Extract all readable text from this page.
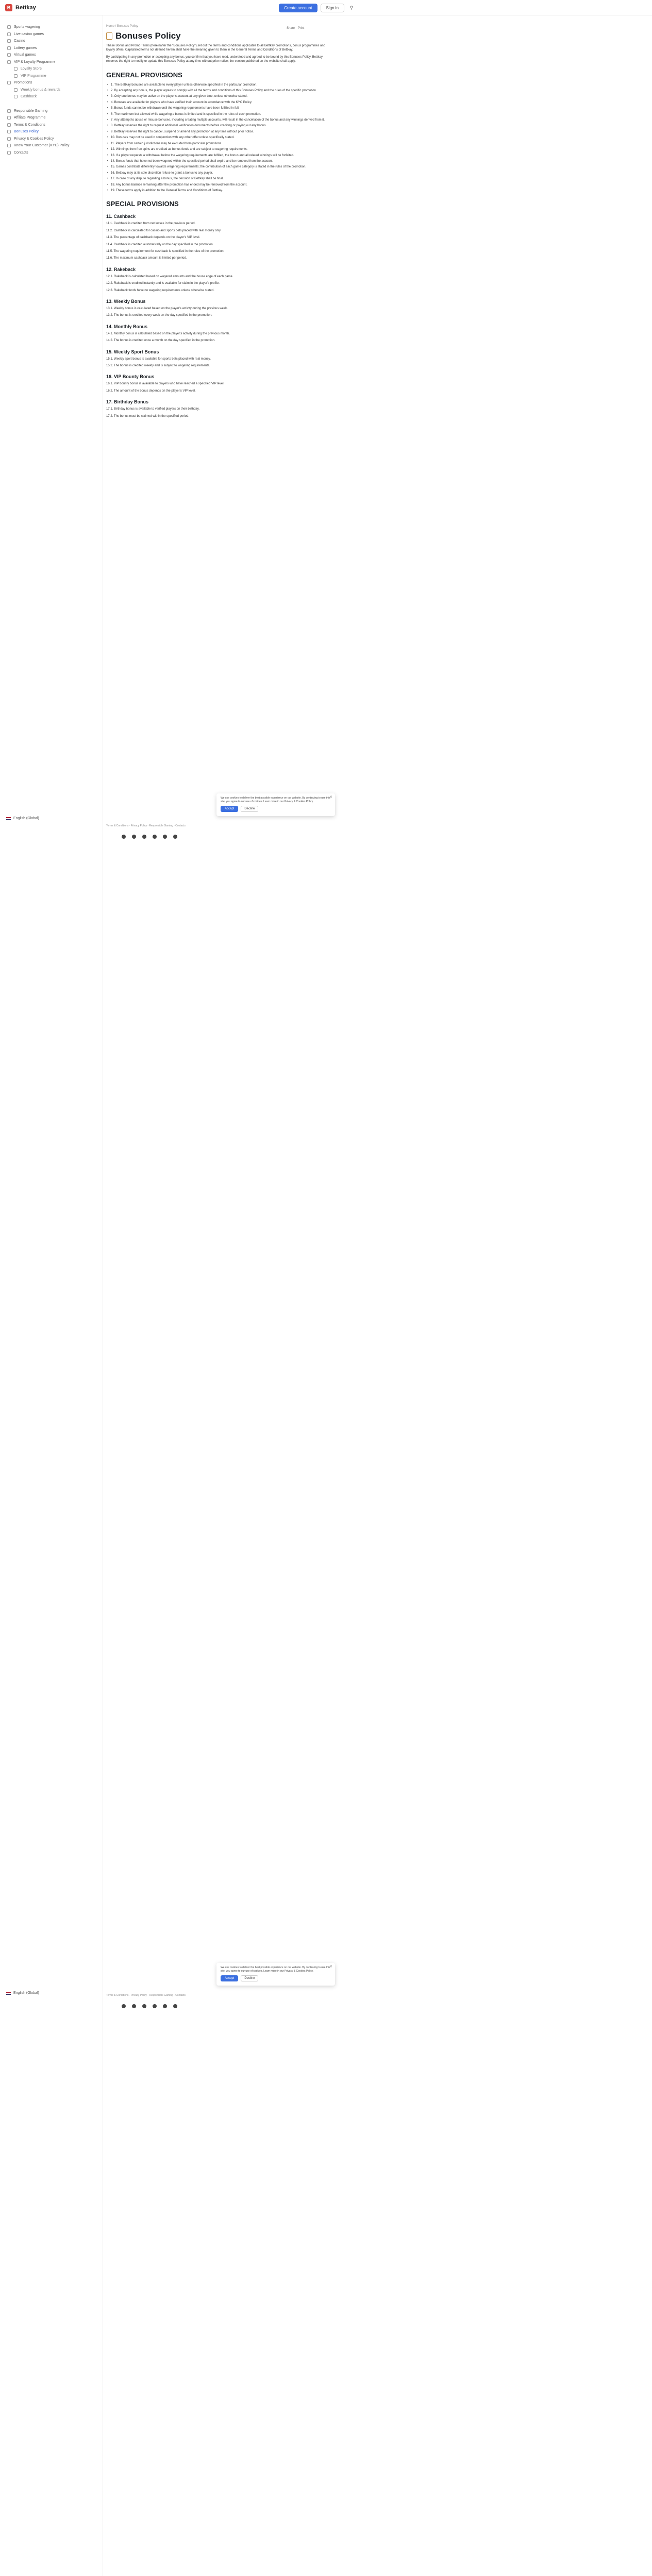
B Bettkay	Create account	Sign in	⚲
Sports wagering
Live casino games
Casino
Lottery games
Virtual games
VIP & Loyalty Programme
Loyalty Store
VIP Programme
Promotions
Weekly bonus & rewards
Cashback
Responsible Gaming
Affiliate Programme
Terms & Conditions
Bonuses Policy
Privacy & Cookies Policy
Know Your Customer (KYC) Policy
Contacts
English (Global)
English (Global)
Home / Bonuses Policy
Share Print
Bonuses Policy

These Bonus and Promo Terms (hereinafter the "Bonuses Policy") set out the terms and conditions applicable to all Bettkay promotions, bonus programmes and loyalty offers. Capitalised terms not defined herein shall have the meaning given to them in the General Terms and Conditions of Bettkay.

By participating in any promotion or accepting any bonus, you confirm that you have read, understood and agreed to be bound by this Bonuses Policy. Bettkay reserves the right to modify or update this Bonuses Policy at any time without prior notice; the version published on the website shall apply.

GENERAL PROVISIONS
• 1. The Bettkay bonuses are available to every player unless otherwise specified in the particular promotion.
• 2. By accepting any bonus, the player agrees to comply with all the terms and conditions of this Bonuses Policy and the rules of the specific promotion.
• 3. Only one bonus may be active on the player's account at any given time, unless otherwise stated.
• 4. Bonuses are available for players who have verified their account in accordance with the KYC Policy.
• 5. Bonus funds cannot be withdrawn until the wagering requirements have been fulfilled in full.
• 6. The maximum bet allowed while wagering a bonus is limited and is specified in the rules of each promotion.
• 7. Any attempt to abuse or misuse bonuses, including creating multiple accounts, will result in the cancellation of the bonus and any winnings derived from it.
• 8. Bettkay reserves the right to request additional verification documents before crediting or paying out any bonus.
• 9. Bettkay reserves the right to cancel, suspend or amend any promotion at any time without prior notice.
• 10. Bonuses may not be used in conjunction with any other offer unless specifically stated.
• 11. Players from certain jurisdictions may be excluded from particular promotions.
• 12. Winnings from free spins are credited as bonus funds and are subject to wagering requirements.
• 13. If a player requests a withdrawal before the wagering requirements are fulfilled, the bonus and all related winnings will be forfeited.
• 14. Bonus funds that have not been wagered within the specified period shall expire and be removed from the account.
• 15. Games contribute differently towards wagering requirements; the contribution of each game category is stated in the rules of the promotion.
• 16. Bettkay may at its sole discretion refuse to grant a bonus to any player.
• 17. In case of any dispute regarding a bonus, the decision of Bettkay shall be final.
• 18. Any bonus balance remaining after the promotion has ended may be removed from the account.
• 19. These terms apply in addition to the General Terms and Conditions of Bettkay.
SPECIAL PROVISIONS
11. Cashback

11.1. Cashback is credited from net losses in the previous period.

11.2. Cashback is calculated for casino and sports bets placed with real money only.

11.3. The percentage of cashback depends on the player's VIP level.

11.4. Cashback is credited automatically on the day specified in the promotion.

11.5. The wagering requirement for cashback is specified in the rules of the promotion.

11.6. The maximum cashback amount is limited per period.

12. Rakeback

12.1. Rakeback is calculated based on wagered amounts and the house edge of each game.

12.2. Rakeback is credited instantly and is available for claim in the player's profile.

12.3. Rakeback funds have no wagering requirements unless otherwise stated.

13. Weekly Bonus

13.1. Weekly bonus is calculated based on the player's activity during the previous week.

13.2. The bonus is credited every week on the day specified in the promotion.

14. Monthly Bonus

14.1. Monthly bonus is calculated based on the player's activity during the previous month.

14.2. The bonus is credited once a month on the day specified in the promotion.

15. Weekly Sport Bonus

15.1. Weekly sport bonus is available for sports bets placed with real money.

15.2. The bonus is credited weekly and is subject to wagering requirements.

16. VIP Bounty Bonus

16.1. VIP bounty bonus is available to players who have reached a specified VIP level.

16.2. The amount of the bonus depends on the player's VIP level.

17. Birthday Bonus

17.1. Birthday bonus is available to verified players on their birthday.

17.2. The bonus must be claimed within the specified period.

✕

We use cookies to deliver the best possible experience on our website. By continuing to use this site, you agree to our use of cookies. Learn more in our Privacy & Cookies Policy.

Accept	Decline
✕

We use cookies to deliver the best possible experience on our website. By continuing to use this site, you agree to our use of cookies. Learn more in our Privacy & Cookies Policy.

Accept	Decline
Terms & Conditions · Privacy Policy · Responsible Gaming · Contacts
Terms & Conditions · Privacy Policy · Responsible Gaming · Contacts
